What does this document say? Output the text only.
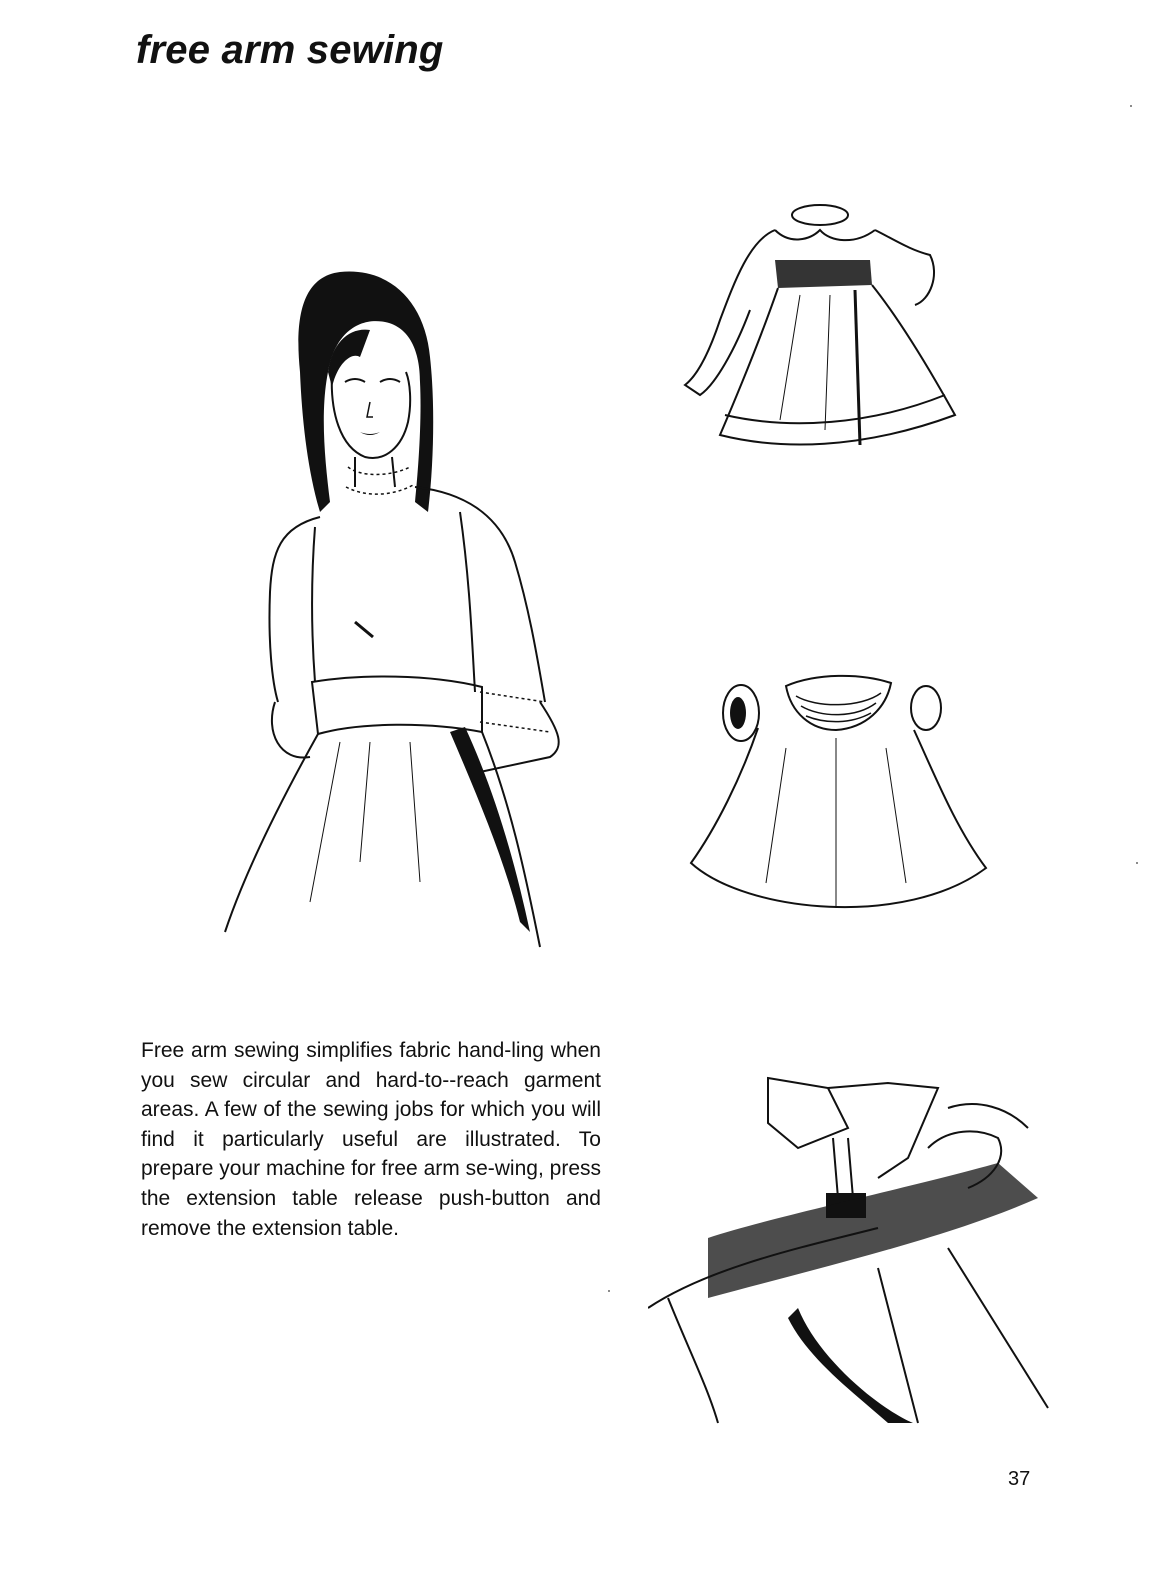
free arm sewing

Free arm sewing simplifies fabric hand-ling when you sew circular and hard-to--reach garment areas. A few of the sewing jobs for which you will find it particularly useful are illustrated. To prepare your machine for free arm se-wing, press the extension table release push-button and remove the extension table.

37
